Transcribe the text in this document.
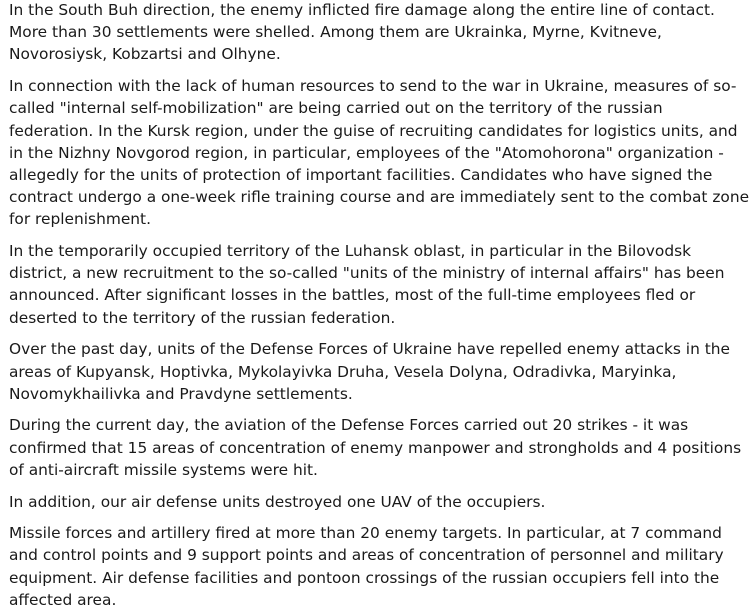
In the South Buh direction, the enemy inflicted fire damage along the entire line of contact. More than 30 settlements were shelled. Among them are Ukrainka, Myrne, Kvitneve, Novorosiysk, Kobzartsi and Olhyne.

In connection with the lack of human resources to send to the war in Ukraine, measures of so-called "internal self-mobilization" are being carried out on the territory of the russian federation. In the Kursk region, under the guise of recruiting candidates for logistics units, and in the Nizhny Novgorod region, in particular, employees of the "Atomohorona" organization - allegedly for the units of protection of important facilities. Candidates who have signed the contract undergo a one-week rifle training course and are immediately sent to the combat zone for replenishment.

In the temporarily occupied territory of the Luhansk oblast, in particular in the Bilovodsk district, a new recruitment to the so-called "units of the ministry of internal affairs" has been announced. After significant losses in the battles, most of the full-time employees fled or deserted to the territory of the russian federation.

Over the past day, units of the Defense Forces of Ukraine have repelled enemy attacks in the areas of Kupyansk, Hoptivka, Mykolayivka Druha, Vesela Dolyna, Odradivka, Maryinka, Novomykhailivka and Pravdyne settlements.

During the current day, the aviation of the Defense Forces carried out 20 strikes - it was confirmed that 15 areas of concentration of enemy manpower and strongholds and 4 positions of anti-aircraft missile systems were hit.

In addition, our air defense units destroyed one UAV of the occupiers.

Missile forces and artillery fired at more than 20 enemy targets. In particular, at 7 command and control points and 9 support points and areas of concentration of personnel and military equipment. Air defense facilities and pontoon crossings of the russian occupiers fell into the affected area.
